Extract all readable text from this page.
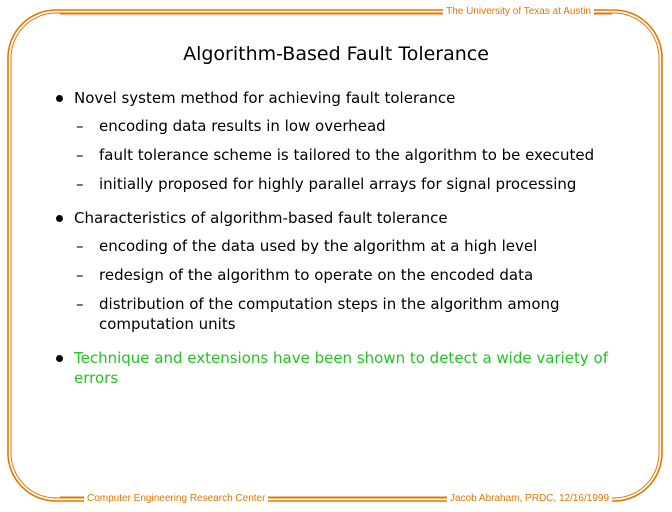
The University of Texas at Austin
Algorithm-Based Fault Tolerance
Novel system method for achieving fault tolerance
– encoding data results in low overhead
– fault tolerance scheme is tailored to the algorithm to be executed
– initially proposed for highly parallel arrays for signal processing
Characteristics of algorithm-based fault tolerance
– encoding of the data used by the algorithm at a high level
– redesign of the algorithm to operate on the encoded data
– distribution of the computation steps in the algorithm among computation units
Technique and extensions have been shown to detect a wide variety of errors
Computer Engineering Research Center	Jacob Abraham, PRDC, 12/16/1999
